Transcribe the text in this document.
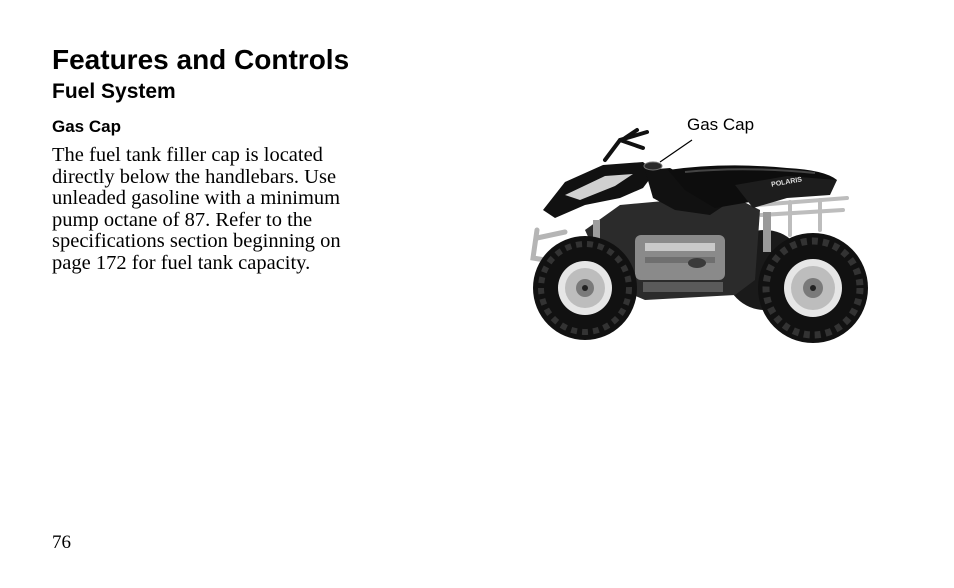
Features and Controls
Fuel System
Gas Cap

The fuel tank filler cap is located directly below the handlebars. Use unleaded gasoline with a minimum pump octane of 87. Refer to the specifications section beginning on page 172 for fuel tank capacity.

Gas Cap
POLARIS
76
